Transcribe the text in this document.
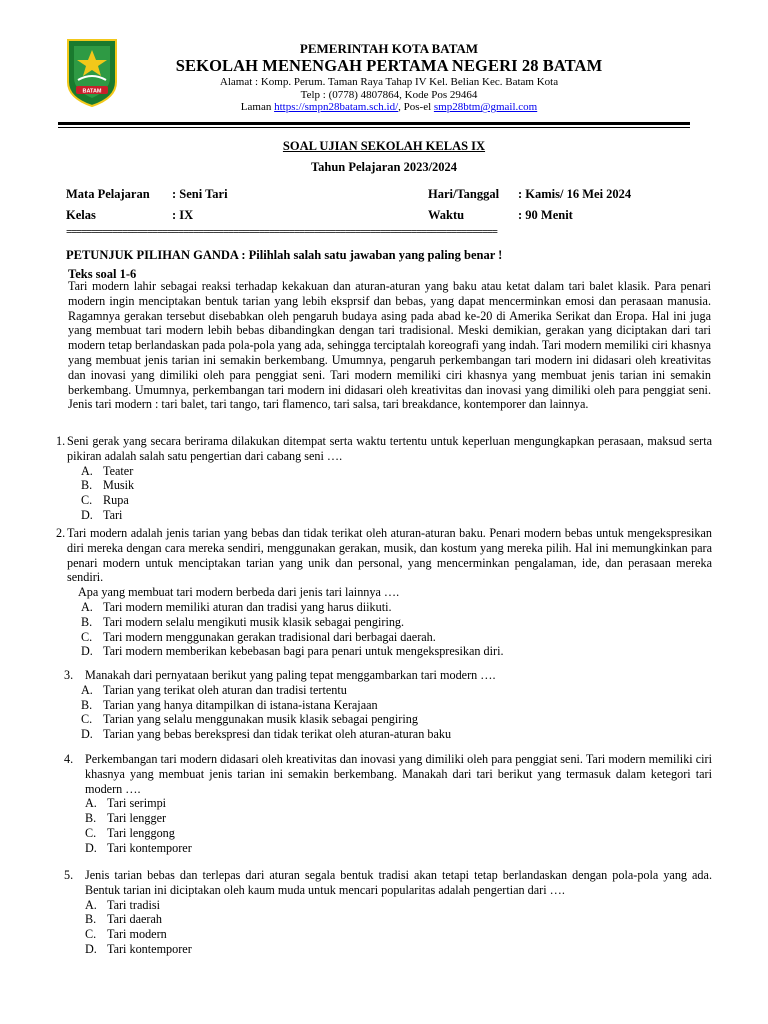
BATAM
PEMERINTAH KOTA BATAM
SEKOLAH MENENGAH PERTAMA NEGERI 28 BATAM
Alamat : Komp. Perum. Taman Raya Tahap IV Kel. Belian Kec. Batam Kota
Telp : (0778) 4807864, Kode Pos 29464
Laman https://smpn28batam.sch.id/, Pos-el smp28btm@gmail.com
SOAL UJIAN SEKOLAH KELAS IX
Tahun Pelajaran 2023/2024
Mata Pelajaran : Seni Tari
Kelas	: IX
Hari/Tanggal : Kamis/ 16 Mei 2024
Waktu	: 90 Menit
=====================================================================================
PETUNJUK PILIHAN GANDA : Pilihlah salah satu jawaban yang paling benar !
Teks soal 1-6
Tari modern lahir sebagai reaksi terhadap kekakuan dan aturan-aturan yang baku atau ketat dalam tari balet klasik. Para penari modern ingin menciptakan bentuk tarian yang lebih eksprsif dan bebas, yang dapat mencerminkan emosi dan perasaan manusia. Ragamnya gerakan tersebut disebabkan oleh pengaruh budaya asing pada abad ke-20 di Amerika Serikat dan Eropa. Hal ini juga yang membuat tari modern lebih bebas dibandingkan dengan tari tradisional. Meski demikian, gerakan yang diciptakan dari tari modern tetap berlandaskan pada pola-pola yang ada, sehingga terciptalah koreografi yang indah. Tari modern memiliki ciri khasnya yang membuat jenis tarian ini semakin berkembang. Umumnya, pengaruh perkembangan tari modern ini didasari oleh kreativitas dan inovasi yang dimiliki oleh para penggiat seni. Tari modern memiliki ciri khasnya yang membuat jenis tarian ini semakin berkembang. Umumnya, perkembangan tari modern ini didasari oleh kreativitas dan inovasi yang dimiliki oleh para penggiat seni. Jenis tari modern : tari balet, tari tango, tari flamenco, tari salsa, tari breakdance, kontemporer dan lainnya.
1. Seni gerak yang secara berirama dilakukan ditempat serta waktu tertentu untuk keperluan mengungkapkan perasaan, maksud serta pikiran adalah salah satu pengertian dari cabang seni ….
A. Teater
B. Musik
C. Rupa
D. Tari
2. Tari modern adalah jenis tarian yang bebas dan tidak terikat oleh aturan-aturan baku. Penari modern bebas untuk mengekspresikan diri mereka dengan cara mereka sendiri, menggunakan gerakan, musik, dan kostum yang mereka pilih. Hal ini memungkinkan para penari modern untuk menciptakan tarian yang unik dan personal, yang mencerminkan pengalaman, ide, dan perasaan mereka sendiri.
Apa yang membuat tari modern berbeda dari jenis tari lainnya ….
A. Tari modern memiliki aturan dan tradisi yang harus diikuti.
B. Tari modern selalu mengikuti musik klasik sebagai pengiring.
C. Tari modern menggunakan gerakan tradisional dari berbagai daerah.
D. Tari modern memberikan kebebasan bagi para penari untuk mengekspresikan diri.
3. Manakah dari pernyataan berikut yang paling tepat menggambarkan tari modern ….
A. Tarian yang terikat oleh aturan dan tradisi tertentu
B. Tarian yang hanya ditampilkan di istana-istana Kerajaan
C. Tarian yang selalu menggunakan musik klasik sebagai pengiring
D. Tarian yang bebas berekspresi dan tidak terikat oleh aturan-aturan baku
4. Perkembangan tari modern didasari oleh kreativitas dan inovasi yang dimiliki oleh para penggiat seni. Tari modern memiliki ciri khasnya yang membuat jenis tarian ini semakin berkembang. Manakah dari tari berikut yang termasuk dalam ketegori tari modern ….
A. Tari serimpi
B. Tari lengger
C. Tari lenggong
D. Tari kontemporer
5. Jenis tarian bebas dan terlepas dari aturan segala bentuk tradisi akan tetapi tetap berlandaskan dengan pola-pola yang ada. Bentuk tarian ini diciptakan oleh kaum muda untuk mencari popularitas adalah pengertian dari ….
A. Tari tradisi
B. Tari daerah
C. Tari modern
D. Tari kontemporer
